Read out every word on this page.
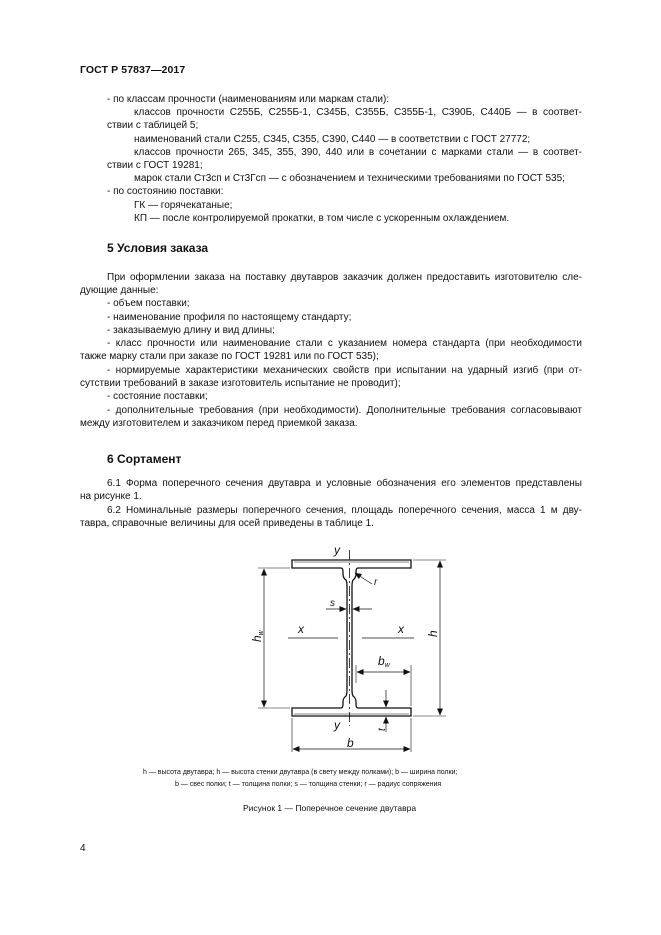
ГОСТ Р 57837—2017
- по классам прочности (наименованиям или маркам стали):
классов прочности С255Б, С255Б-1, С345Б, С355Б, С355Б-1, С390Б, С440Б — в соответ-
ствии с таблицей 5;
наименований стали С255, С345, С355, С390, С440 — в соответствии с ГОСТ 27772;
классов прочности 265, 345, 355, 390, 440 или в сочетании с марками стали — в соответ-
ствии с ГОСТ 19281;
марок стали Ст3сп и Ст3Гсп — с обозначением и техническими требованиями по ГОСТ 535;
- по состоянию поставки:
ГК — горячекатаные;
КП — после контролируемой прокатки, в том числе с ускоренным охлаждением.
5 Условия заказа
При оформлении заказа на поставку двутавров заказчик должен предоставить изготовителю сле-
дующие данные:
- объем поставки;
- наименование профиля по настоящему стандарту;
- заказываемую длину и вид длины;
- класс прочности или наименование стали с указанием номера стандарта (при необходимости
также марку стали при заказе по ГОСТ 19281 или по ГОСТ 535);
- нормируемые характеристики механических свойств при испытании на ударный изгиб (при от-
сутствии требований в заказе изготовитель испытание не проводит);
- состояние поставки;
- дополнительные требования (при необходимости). Дополнительные требования согласовывают
между изготовителем и заказчиком перед приемкой заказа.
6 Сортамент
6.1 Форма поперечного сечения двутавра и условные обозначения его элементов представлены
на рисунке 1.
6.2 Номинальные размеры поперечного сечения, площадь поперечного сечения, масса 1 м дву-
тавра, справочные величины для осей приведены в таблице 1.
y
y
x	x
r
s
b
bw
h
hw
t
h — высота двутавра; h — высота стенки двутавра (в свету между полками); b — ширина полки;
b — свес полки; t — толщина полки; s — толщина стенки; r — радиус сопряжения
Рисунок 1 — Поперечное сечение двутавра
4
